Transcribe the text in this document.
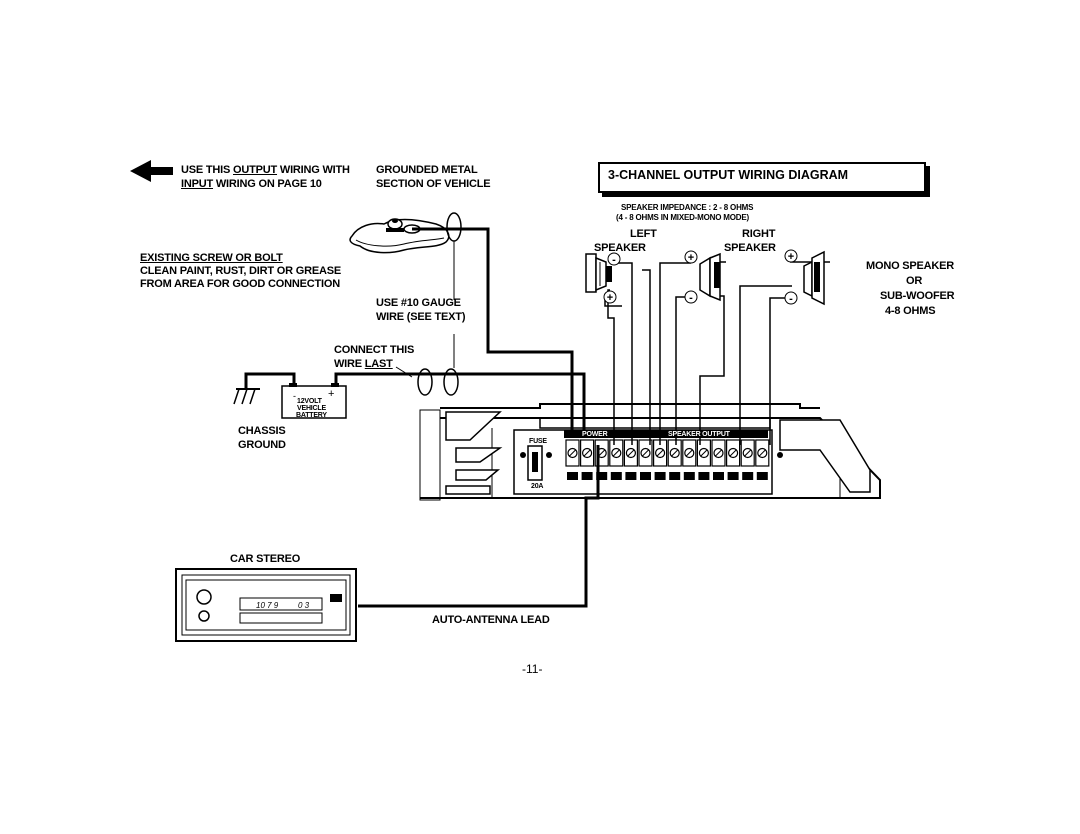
-	+
-
+
+
-
+
-
10 7 9 0 3
USE THIS OUTPUT WIRING WITH
INPUT WIRING ON PAGE 10
GROUNDED METAL
SECTION OF VEHICLE
EXISTING SCREW OR BOLT
CLEAN PAINT, RUST, DIRT OR GREASE
FROM AREA FOR GOOD CONNECTION
USE #10 GAUGE
WIRE (SEE TEXT)
CONNECT THIS
WIRE LAST
12VOLT
VEHICLE
BATTERY
CHASSIS
GROUND
3-CHANNEL OUTPUT WIRING DIAGRAM
SPEAKER IMPEDANCE : 2 - 8 OHMS
(4 - 8 OHMS IN MIXED-MONO MODE)
LEFT
SPEAKER
RIGHT
SPEAKER
MONO SPEAKER
OR
SUB-WOOFER
4-8 OHMS
POWER	SPEAKER OUTPUT
FUSE
20A
CAR STEREO
AUTO-ANTENNA LEAD
-11-
